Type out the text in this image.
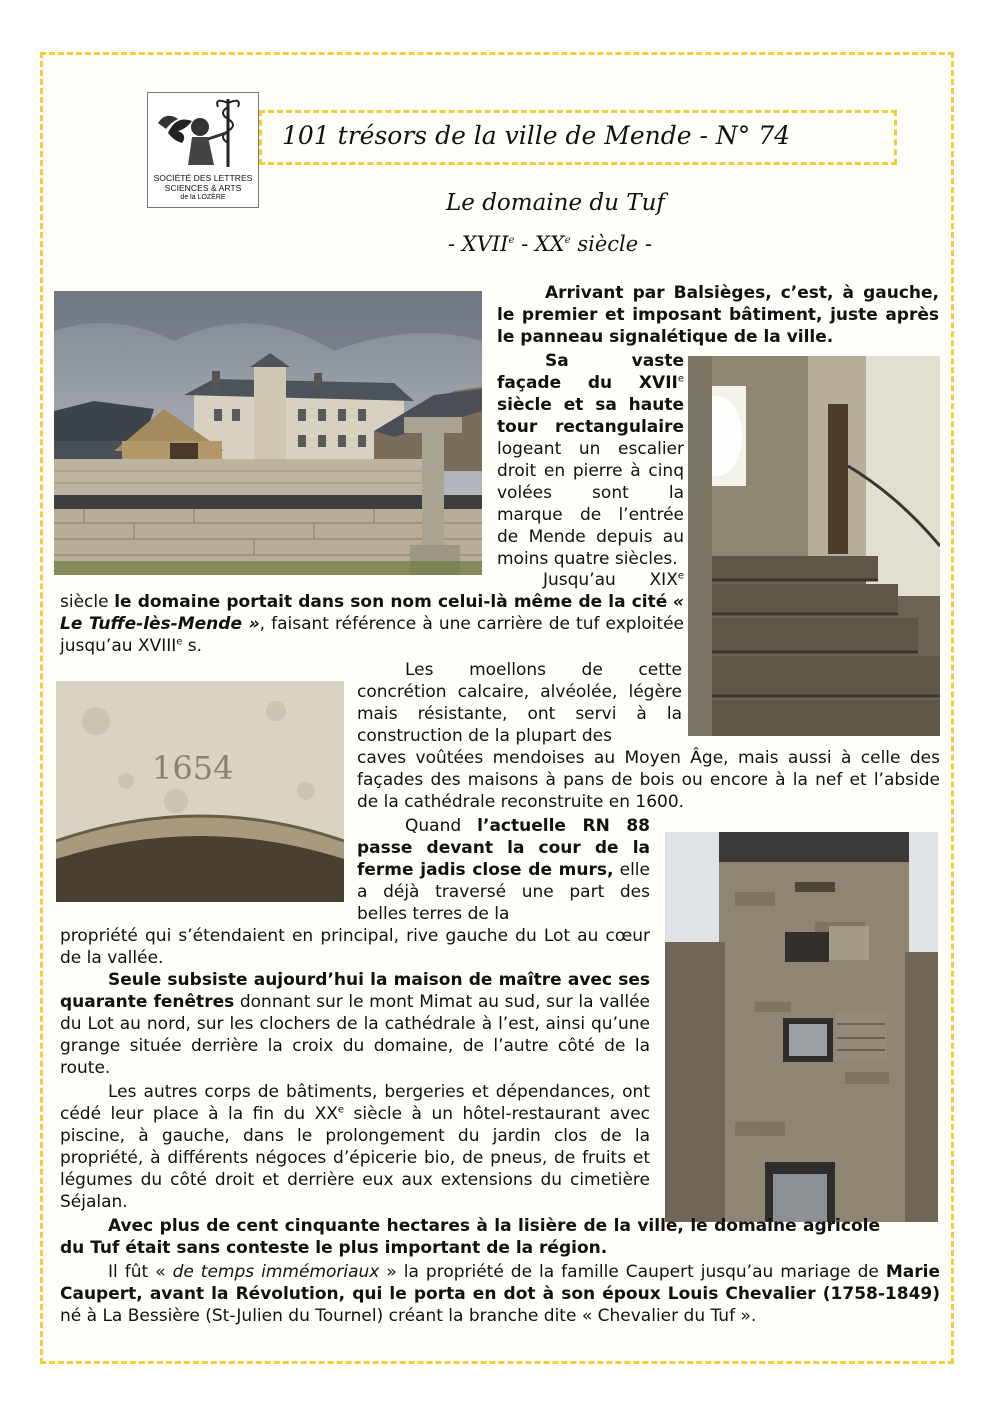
SOCIÉTÉ DES LETTRES
SCIENCES & ARTS
de la LOZÈRE
101 trésors de la ville de Mende - N° 74
Le domaine du Tuf
- XVIIe - XXe siècle -
1654
Arrivant par Balsièges, c’est, à gauche, le premier et imposant bâtiment, juste après le panneau signalétique de la ville.
Sa vaste façade du XVIIe siècle et sa haute tour rectangulaire logeant un escalier droit en pierre à cinq volées sont la marque de l’entrée de Mende depuis au moins quatre siècles.
Jusqu’au XIXe siècle le domaine portait dans son nom celui-là même de la cité « Le Tuffe-lès-Mende », faisant référence à une carrière de tuf exploitée jusqu’au XVIIIe s.
Les moellons de cette concrétion calcaire, alvéolée, légère mais résistante, ont servi à la construction de la plupart des
caves voûtées mendoises au Moyen Âge, mais aussi à celle des façades des maisons à pans de bois ou encore à la nef et l’abside de la cathédrale reconstruite en 1600.
Quand l’actuelle RN 88 passe devant la cour de la ferme jadis close de murs, elle a déjà traversé une part des belles terres de la
propriété qui s’étendaient en principal, rive gauche du Lot au cœur de la vallée.
Seule subsiste aujourd’hui la maison de maître avec ses quarante fenêtres donnant sur le mont Mimat au sud, sur la vallée du Lot au nord, sur les clochers de la cathédrale à l’est, ainsi qu’une grange située derrière la croix du domaine, de l’autre côté de la route.
Les autres corps de bâtiments, bergeries et dépendances, ont cédé leur place à la fin du XXe siècle à un hôtel-restaurant avec piscine, à gauche, dans le prolongement du jardin clos de la propriété, à différents négoces d’épicerie bio, de pneus, de fruits et légumes du côté droit et derrière eux aux extensions du cimetière Séjalan.
Avec plus de cent cinquante hectares à la lisière de la ville, le domaine agricole du Tuf était sans conteste le plus important de la région.
Il fût « de temps immémoriaux » la propriété de la famille Caupert jusqu’au mariage de Marie Caupert, avant la Révolution, qui le porta en dot à son époux Louis Chevalier (1758-1849) né à La Bessière (St-Julien du Tournel) créant la branche dite « Chevalier du Tuf ».
